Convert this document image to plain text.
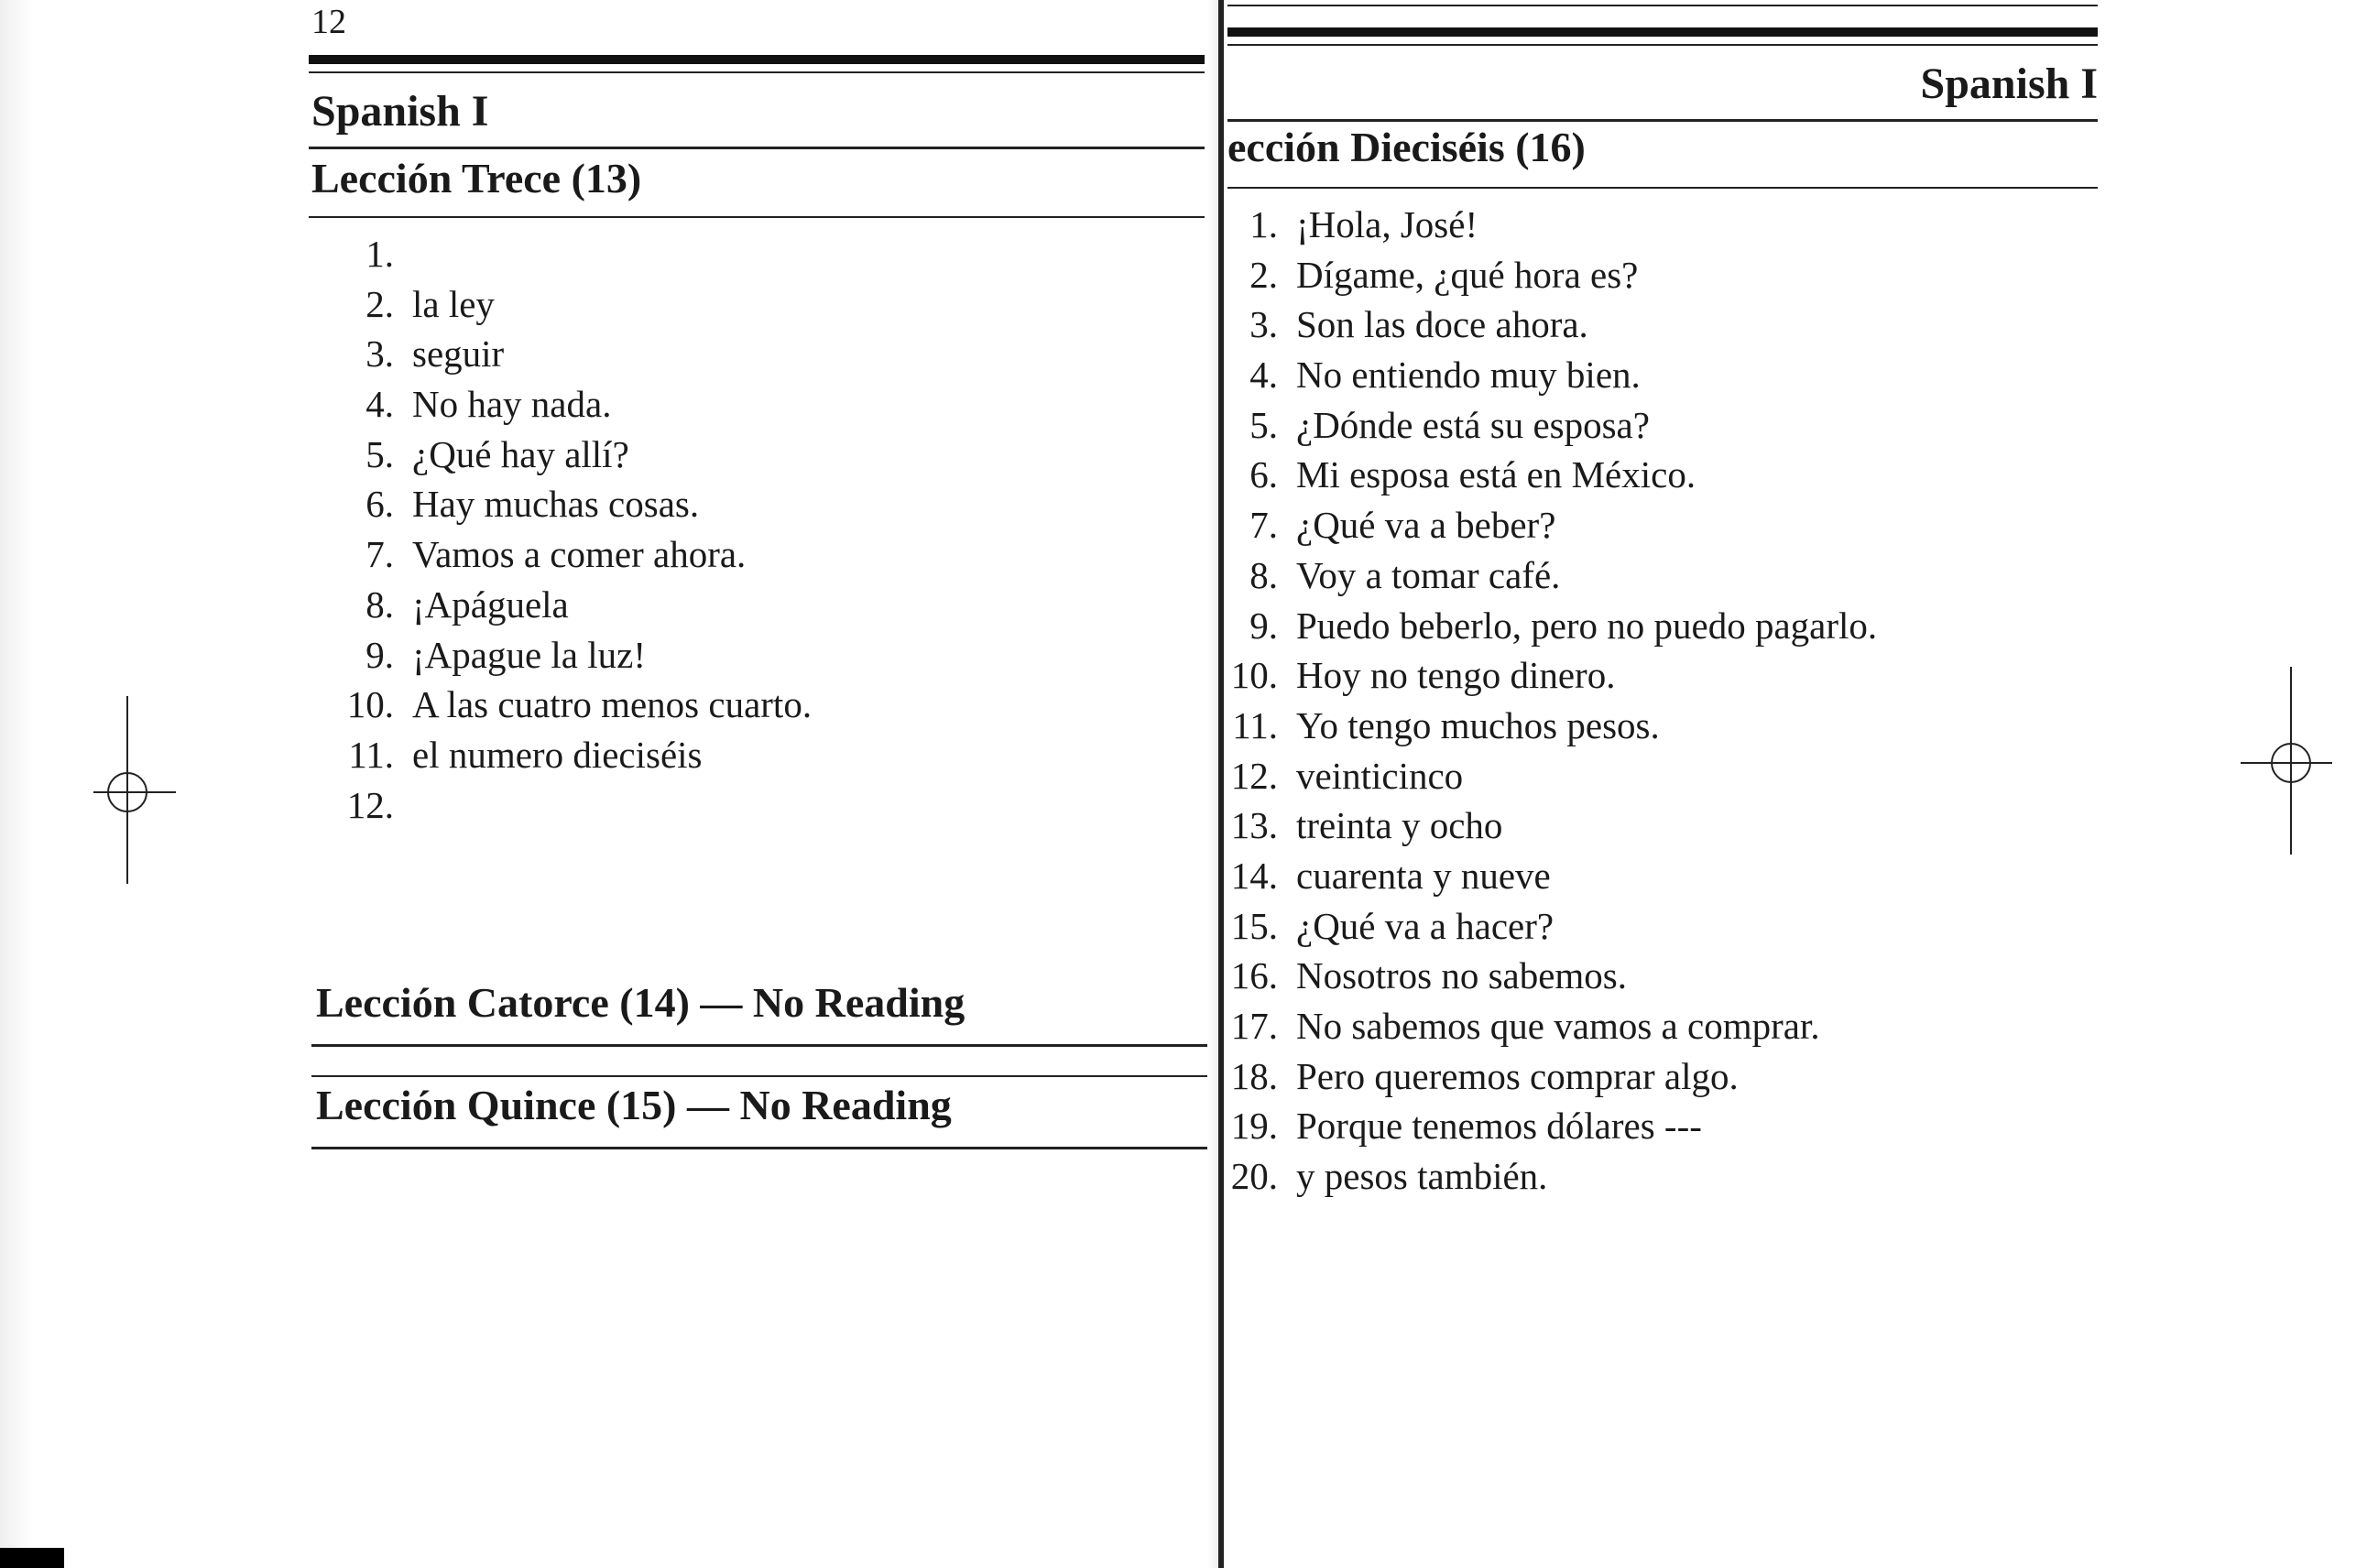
12
Spanish I
Lección Trece (13)
1.
2. la ley
3. seguir
4. No hay nada.
5. ¿Qué hay allí?
6. Hay muchas cosas.
7. Vamos a comer ahora.
8. ¡Apáguela
9. ¡Apague la luz!
10. A las cuatro menos cuarto.
11. el numero dieciséis
12.
Lección Catorce (14) — No Reading
Lección Quince (15) — No Reading
Spanish I
ección Dieciséis (16)
1. ¡Hola, José!
2. Dígame, ¿qué hora es?
3. Son las doce ahora.
4. No entiendo muy bien.
5. ¿Dónde está su esposa?
6. Mi esposa está en México.
7. ¿Qué va a beber?
8. Voy a tomar café.
9. Puedo beberlo, pero no puedo pagarlo.
10. Hoy no tengo dinero.
11. Yo tengo muchos pesos.
12. veinticinco
13. treinta y ocho
14. cuarenta y nueve
15. ¿Qué va a hacer?
16. Nosotros no sabemos.
17. No sabemos que vamos a comprar.
18. Pero queremos comprar algo.
19. Porque tenemos dólares ---
20. y pesos también.
